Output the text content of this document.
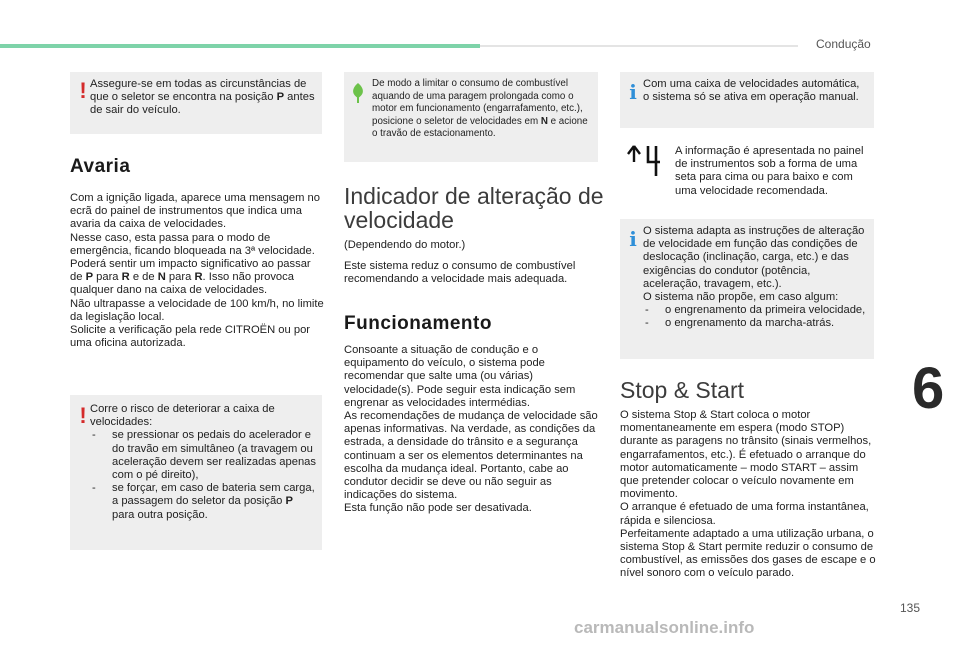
Condução
6
135
! Assegure-se em todas as circunstâncias de que o seletor se encontra na posição P antes de sair do veículo.

Avaria

Com a ignição ligada, aparece uma mensagem no ecrã do painel de instrumentos que indica uma avaria da caixa de velocidades.
Nesse caso, esta passa para o modo de emergência, ficando bloqueada na 3ª velocidade. Poderá sentir um impacto significativo ao passar de P para R e de N para R. Isso não provoca qualquer dano na caixa de velocidades.
Não ultrapasse a velocidade de 100 km/h, no limite da legislação local.
Solicite a verificação pela rede CITROËN ou por uma oficina autorizada.

! Corre o risco de deteriorar a caixa de velocidades:

- se pressionar os pedais do acelerador e do travão em simultâneo (a travagem ou aceleração devem ser realizadas apenas com o pé direito),
- se forçar, em caso de bateria sem carga, a passagem do seletor da posição P para outra posição.

De modo a limitar o consumo de combustível aquando de uma paragem prolongada como o motor em funcionamento (engarrafamento, etc.), posicione o seletor de velocidades em N e acione o travão de estacionamento.

Indicador de alteração de
velocidade

(Dependendo do motor.)

Este sistema reduz o consumo de combustível recomendando a velocidade mais adequada.

Funcionamento

Consoante a situação de condução e o equipamento do veículo, o sistema pode recomendar que salte uma (ou várias) velocidade(s). Pode seguir esta indicação sem engrenar as velocidades intermédias.
As recomendações de mudança de velocidade são apenas informativas. Na verdade, as condições da estrada, a densidade do trânsito e a segurança continuam a ser os elementos determinantes na escolha da mudança ideal. Portanto, cabe ao condutor decidir se deve ou não seguir as indicações do sistema.
Esta função não pode ser desativada.

i Com uma caixa de velocidades automática, o sistema só se ativa em operação manual.

A informação é apresentada no painel de instrumentos sob a forma de uma seta para cima ou para baixo e com uma velocidade recomendada.

i O sistema adapta as instruções de alteração de velocidade em função das condições de deslocação (inclinação, carga, etc.) e das exigências do condutor (potência, aceleração, travagem, etc.).
O sistema não propõe, em caso algum:

- o engrenamento da primeira velocidade,
- o engrenamento da marcha-atrás.
Stop & Start

O sistema Stop & Start coloca o motor momentaneamente em espera (modo STOP) durante as paragens no trânsito (sinais vermelhos, engarrafamentos, etc.). É efetuado o arranque do motor automaticamente – modo START – assim que pretender colocar o veículo novamente em movimento.
O arranque é efetuado de uma forma instantânea, rápida e silenciosa.
Perfeitamente adaptado a uma utilização urbana, o sistema Stop & Start permite reduzir o consumo de combustível, as emissões dos gases de escape e o nível sonoro com o veículo parado.

carmanualsonline.info
